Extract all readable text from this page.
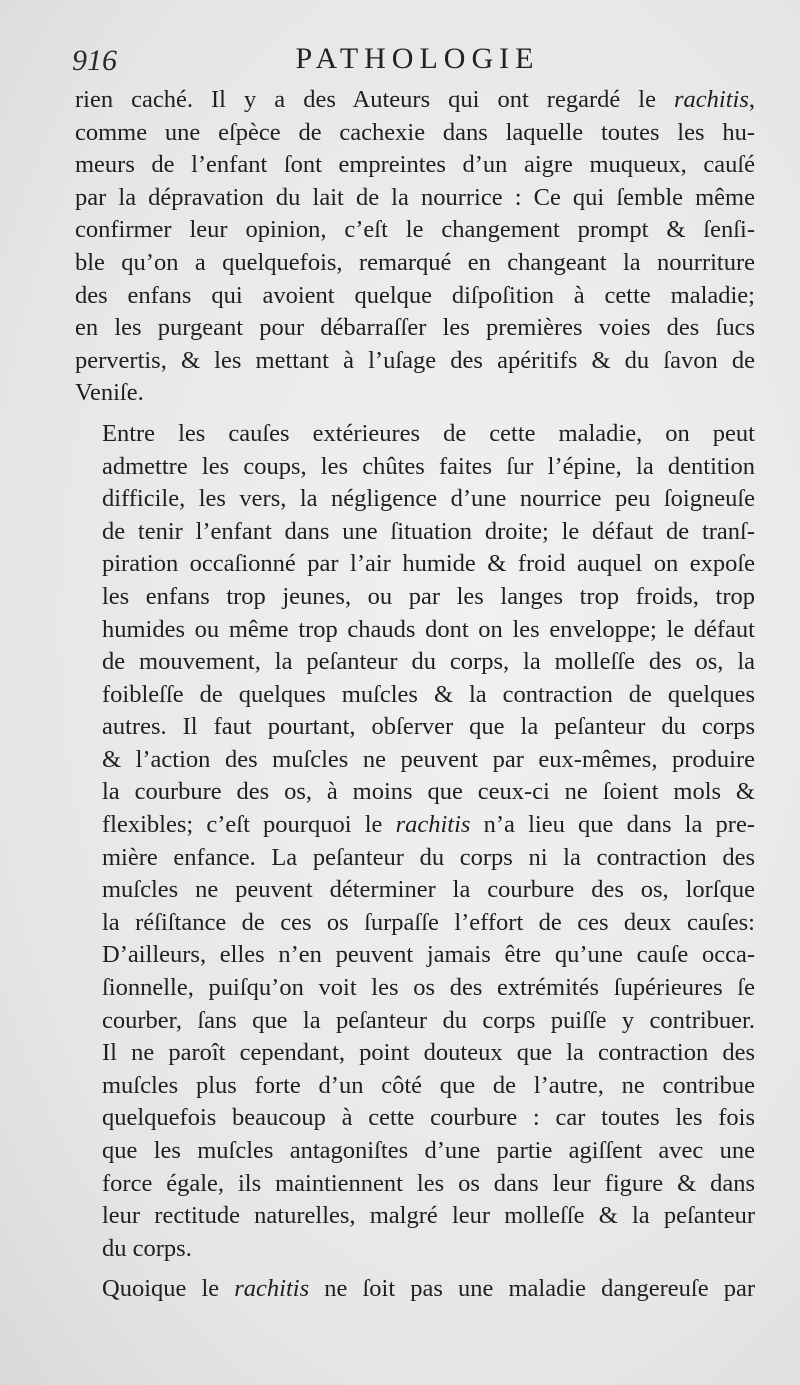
916	PATHOLOGIE

rien caché. Il y a des Auteurs qui ont regardé le rachitis,
comme une eſpèce de cachexie dans laquelle toutes les hu-
meurs de l’enfant ſont empreintes d’un aigre muqueux, cauſé
par la dépravation du lait de la nourrice : Ce qui ſemble même
confirmer leur opinion, c’eſt le changement prompt & ſenſi-
ble qu’on a quelquefois, remarqué en changeant la nourriture
des enfans qui avoient quelque diſpoſition à cette maladie;
en les purgeant pour débarraſſer les premières voies des ſucs
pervertis, & les mettant à l’uſage des apéritifs & du ſavon de
Veniſe.

Entre les cauſes extérieures de cette maladie, on peut
admettre les coups, les chûtes faites ſur l’épine, la dentition
difficile, les vers, la négligence d’une nourrice peu ſoigneuſe
de tenir l’enfant dans une ſituation droite; le défaut de tranſ-
piration occaſionné par l’air humide & froid auquel on expoſe
les enfans trop jeunes, ou par les langes trop froids, trop
humides ou même trop chauds dont on les enveloppe; le défaut
de mouvement, la peſanteur du corps, la molleſſe des os, la
foibleſſe de quelques muſcles & la contraction de quelques
autres. Il faut pourtant, obſerver que la peſanteur du corps
& l’action des muſcles ne peuvent par eux-mêmes, produire
la courbure des os, à moins que ceux-ci ne ſoient mols &
flexibles; c’eſt pourquoi le rachitis n’a lieu que dans la pre-
mière enfance. La peſanteur du corps ni la contraction des
muſcles ne peuvent déterminer la courbure des os, lorſque
la réſiſtance de ces os ſurpaſſe l’effort de ces deux cauſes:
D’ailleurs, elles n’en peuvent jamais être qu’une cauſe occa-
ſionnelle, puiſqu’on voit les os des extrémités ſupérieures ſe
courber, ſans que la peſanteur du corps puiſſe y contribuer.
Il ne paroît cependant, point douteux que la contraction des
muſcles plus forte d’un côté que de l’autre, ne contribue
quelquefois beaucoup à cette courbure : car toutes les fois
que les muſcles antagoniſtes d’une partie agiſſent avec une
force égale, ils maintiennent les os dans leur figure & dans
leur rectitude naturelles, malgré leur molleſſe & la peſanteur
du corps.

Quoique le rachitis ne ſoit pas une maladie dangereuſe par
